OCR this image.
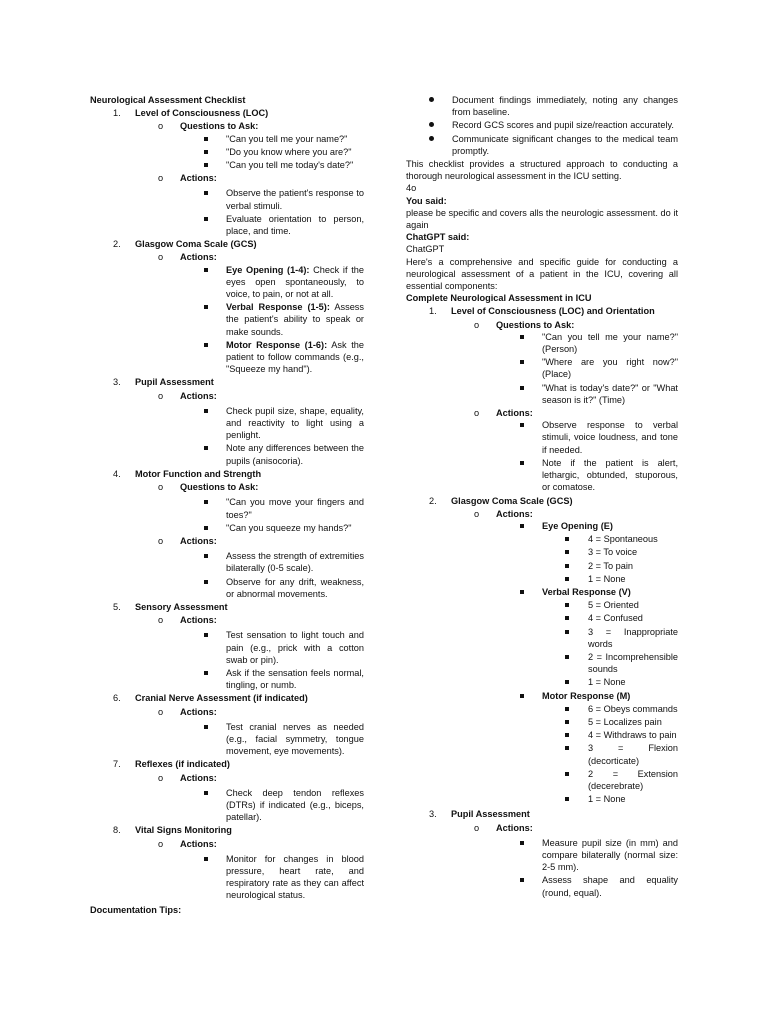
Neurological Assessment Checklist
1. Level of Consciousness (LOC)
o Questions to Ask:
"Can you tell me your name?"
"Do you know where you are?"
"Can you tell me today's date?"
o Actions:
Observe the patient's response to verbal stimuli.
Evaluate orientation to person, place, and time.
2. Glasgow Coma Scale (GCS)
o Actions:
Eye Opening (1-4): Check if the eyes open spontaneously, to voice, to pain, or not at all.
Verbal Response (1-5): Assess the patient's ability to speak or make sounds.
Motor Response (1-6): Ask the patient to follow commands (e.g., "Squeeze my hand").
3. Pupil Assessment
o Actions:
Check pupil size, shape, equality, and reactivity to light using a penlight.
Note any differences between the pupils (anisocoria).
4. Motor Function and Strength
o Questions to Ask:
"Can you move your fingers and toes?"
"Can you squeeze my hands?"
o Actions:
Assess the strength of extremities bilaterally (0-5 scale).
Observe for any drift, weakness, or abnormal movements.
5. Sensory Assessment
o Actions:
Test sensation to light touch and pain (e.g., prick with a cotton swab or pin).
Ask if the sensation feels normal, tingling, or numb.
6. Cranial Nerve Assessment (if indicated)
o Actions:
Test cranial nerves as needed (e.g., facial symmetry, tongue movement, eye movements).
7. Reflexes (if indicated)
o Actions:
Check deep tendon reflexes (DTRs) if indicated (e.g., biceps, patellar).
8. Vital Signs Monitoring
o Actions:
Monitor for changes in blood pressure, heart rate, and respiratory rate as they can affect neurological status.
Documentation Tips:
Document findings immediately, noting any changes from baseline.
Record GCS scores and pupil size/reaction accurately.
Communicate significant changes to the medical team promptly.
This checklist provides a structured approach to conducting a thorough neurological assessment in the ICU setting.
4o
You said:
please be specific and covers alls the neurologic assessment. do it again
ChatGPT said:
ChatGPT
Here's a comprehensive and specific guide for conducting a neurological assessment of a patient in the ICU, covering all essential components:
Complete Neurological Assessment in ICU
1. Level of Consciousness (LOC) and Orientation
o Questions to Ask:
"Can you tell me your name?" (Person)
"Where are you right now?" (Place)
"What is today's date?" or "What season is it?" (Time)
o Actions:
Observe response to verbal stimuli, voice loudness, and tone if needed.
Note if the patient is alert, lethargic, obtunded, stuporous, or comatose.
2. Glasgow Coma Scale (GCS)
o Actions:
Eye Opening (E)
4 = Spontaneous
3 = To voice
2 = To pain
1 = None
Verbal Response (V)
5 = Oriented
4 = Confused
3 = Inappropriate words
2 = Incomprehensible sounds
1 = None
Motor Response (M)
6 = Obeys commands
5 = Localizes pain
4 = Withdraws to pain
3 = Flexion (decorticate)
2 = Extension (decerebrate)
1 = None
3. Pupil Assessment
o Actions:
Measure pupil size (in mm) and compare bilaterally (normal size: 2-5 mm).
Assess shape and equality (round, equal).
